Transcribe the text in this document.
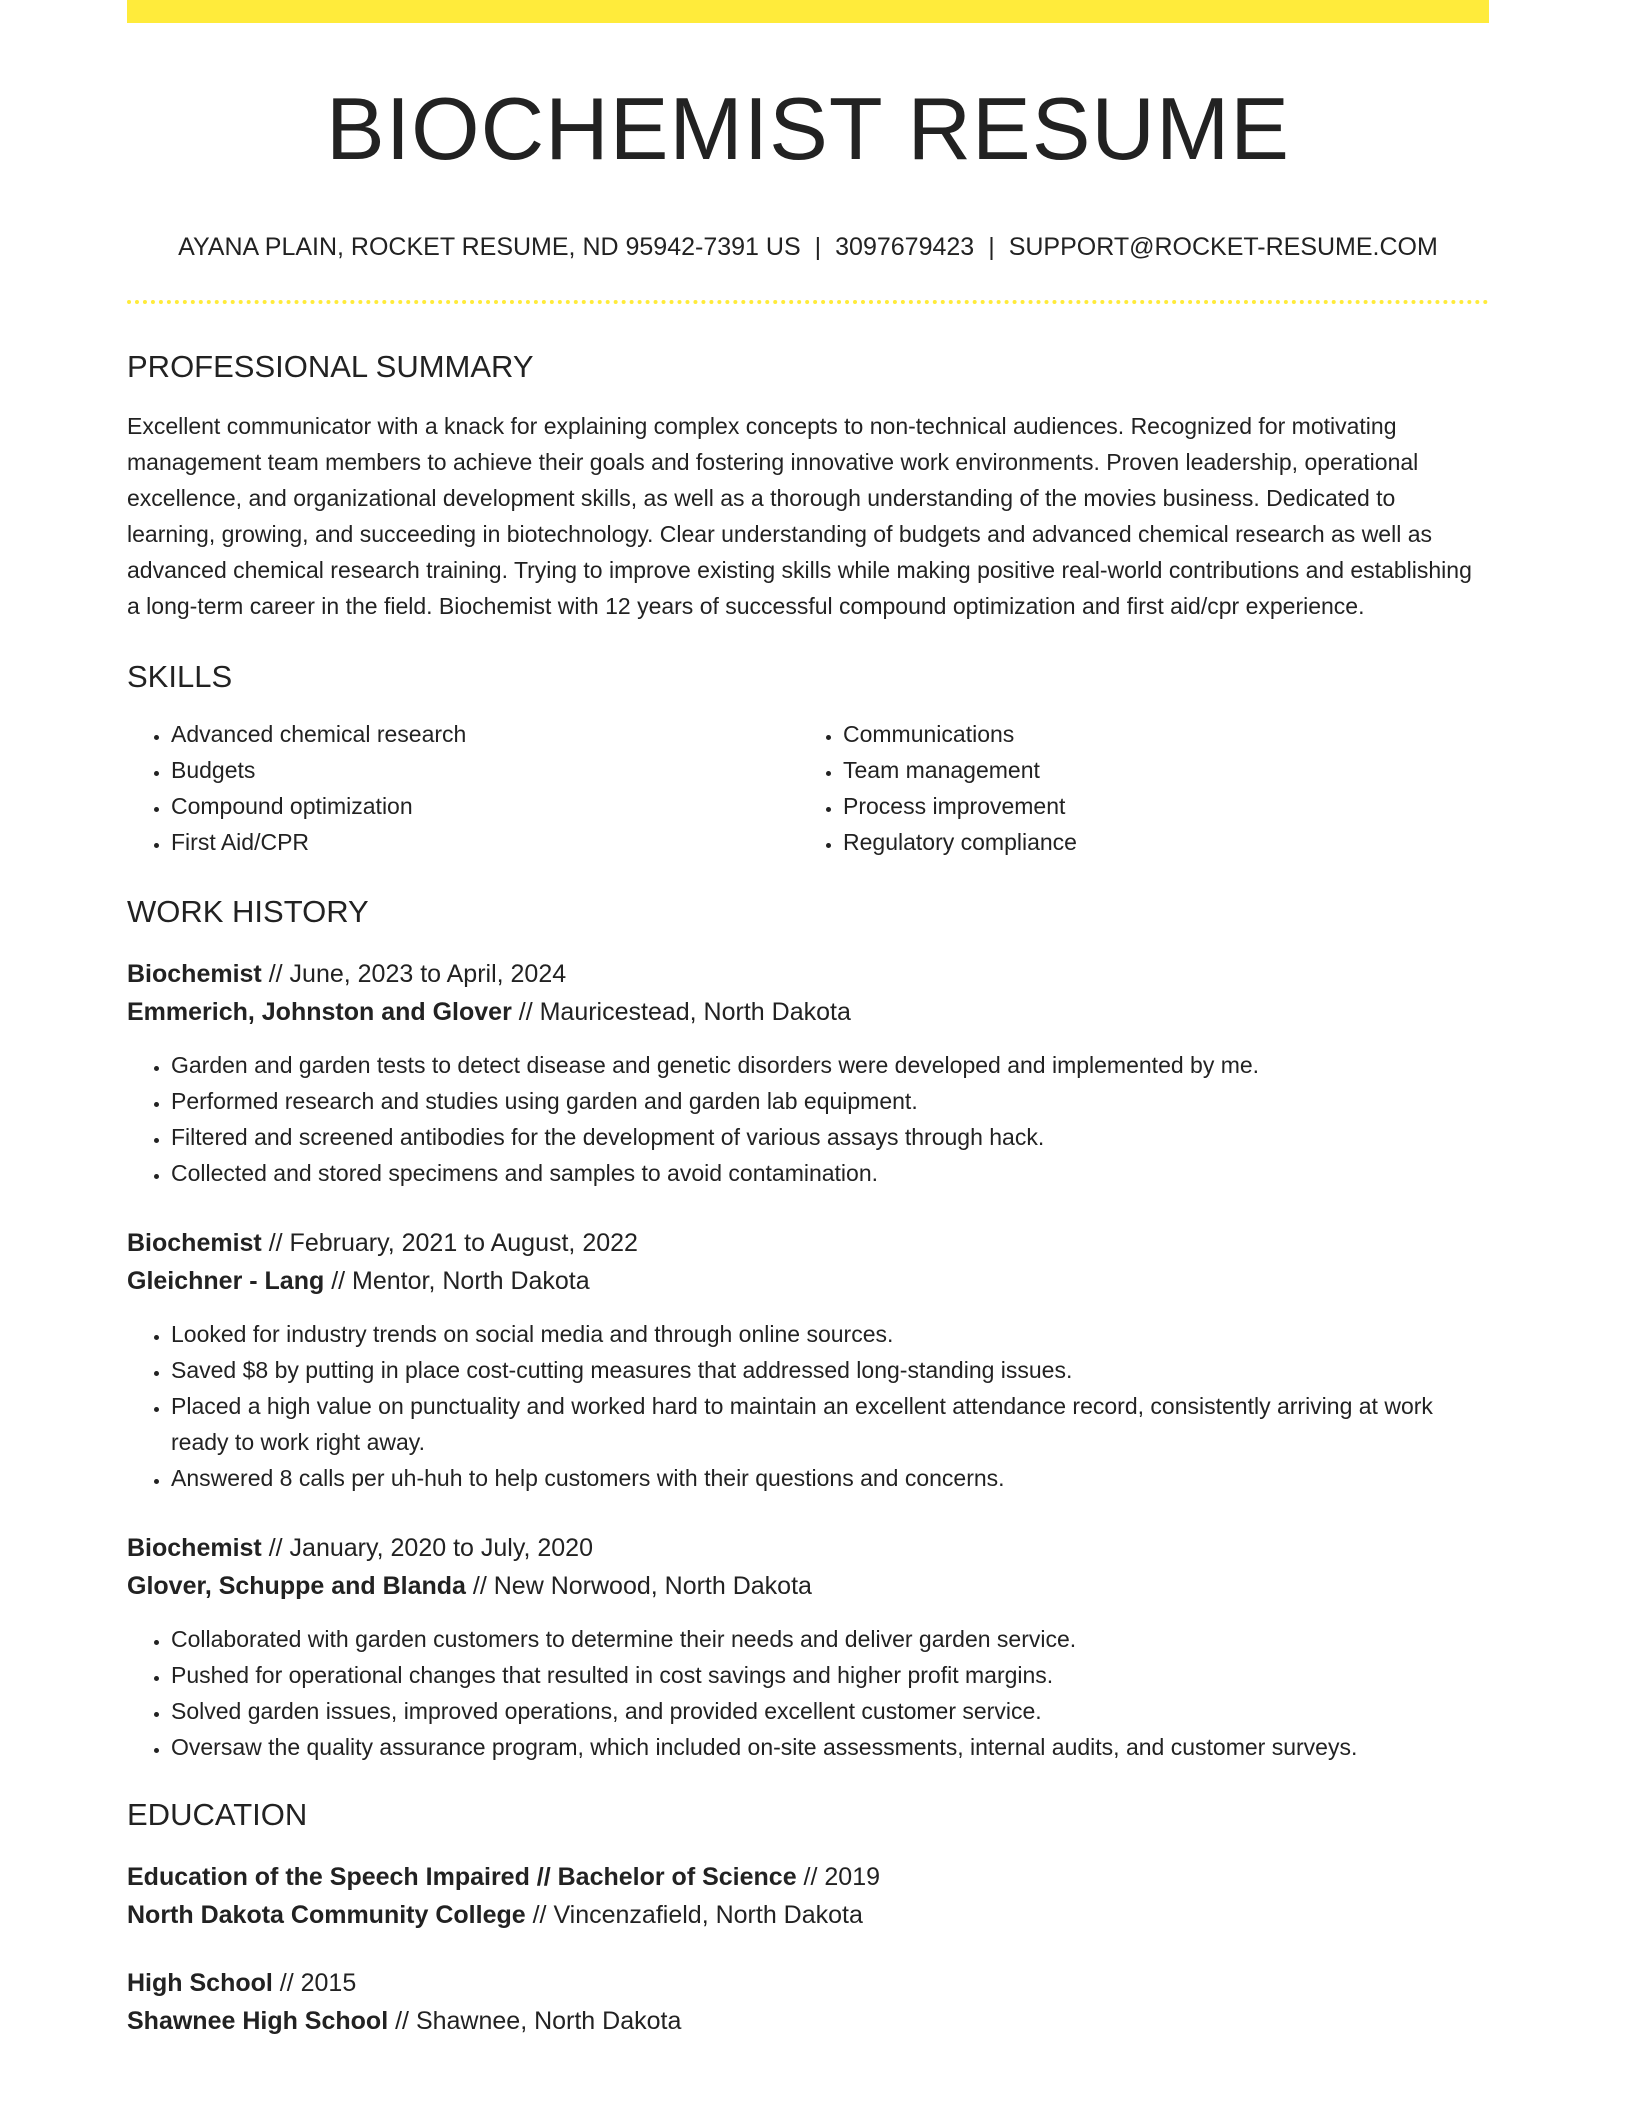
BIOCHEMIST RESUME
AYANA PLAIN, ROCKET RESUME, ND 95942-7391 US | 3097679423 | SUPPORT@ROCKET-RESUME.COM
PROFESSIONAL SUMMARY

Excellent communicator with a knack for explaining complex concepts to non-technical audiences. Recognized for motivating management team members to achieve their goals and fostering innovative work environments. Proven leadership, operational excellence, and organizational development skills, as well as a thorough understanding of the movies business. Dedicated to learning, growing, and succeeding in biotechnology. Clear understanding of budgets and advanced chemical research as well as advanced chemical research training. Trying to improve existing skills while making positive real-world contributions and establishing a long-term career in the field. Biochemist with 12 years of successful compound optimization and first aid/cpr experience.

SKILLS
• Advanced chemical research
• Budgets
• Compound optimization
• First Aid/CPR
• Communications
• Team management
• Process improvement
• Regulatory compliance
WORK HISTORY
Biochemist // June, 2023 to April, 2024
Emmerich, Johnston and Glover // Mauricestead, North Dakota
• Garden and garden tests to detect disease and genetic disorders were developed and implemented by me.
• Performed research and studies using garden and garden lab equipment.
• Filtered and screened antibodies for the development of various assays through hack.
• Collected and stored specimens and samples to avoid contamination.
Biochemist // February, 2021 to August, 2022
Gleichner - Lang // Mentor, North Dakota
• Looked for industry trends on social media and through online sources.
• Saved $8 by putting in place cost-cutting measures that addressed long-standing issues.
• Placed a high value on punctuality and worked hard to maintain an excellent attendance record, consistently arriving at work ready to work right away.
• Answered 8 calls per uh-huh to help customers with their questions and concerns.
Biochemist // January, 2020 to July, 2020
Glover, Schuppe and Blanda // New Norwood, North Dakota
• Collaborated with garden customers to determine their needs and deliver garden service.
• Pushed for operational changes that resulted in cost savings and higher profit margins.
• Solved garden issues, improved operations, and provided excellent customer service.
• Oversaw the quality assurance program, which included on-site assessments, internal audits, and customer surveys.
EDUCATION
Education of the Speech Impaired // Bachelor of Science // 2019
North Dakota Community College // Vincenzafield, North Dakota
High School // 2015
Shawnee High School // Shawnee, North Dakota
